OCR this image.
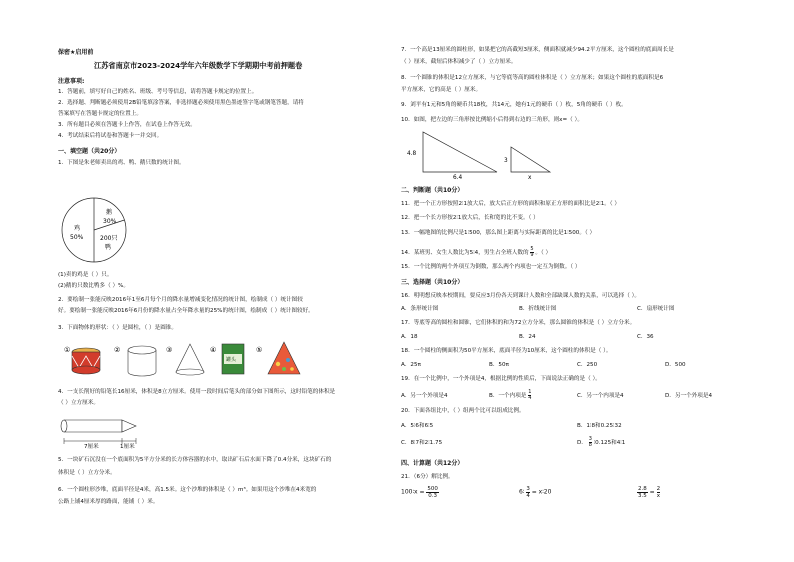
保密★启用前
江苏省南京市2023-2024学年六年级数学下学期期中考前押题卷
注意事项:
1．答题前，填写好自己的姓名、班级、考号等信息，请将答题卡规定的位置上。
2．选择题、判断题必须使用2B铅笔填涂答案，非选择题必须使用黑色墨迹签字笔或钢笔答题，请将
答案填写在答题卡规定的位置上。
3．所有题目必须在答题卡上作答，在试卷上作答无效。
4．考试结束后将试卷和答题卡一并交回。
一、填空题（共20分）
1．下图是朱老师卖出的鸡、鸭、鹅只数的统计图。
鹅
30%
鸡
50%	200只
鸭
(1)卖的鸡是（ ）只。
(2)鹅的只数比鸭多（ ）%。
2．要绘制一张能反映2016年1至6月每个月的降水量增减变化情况的统计图，绘制成（ ）统计图较
好。要绘制一张能反映2016年6月份的降水量占全年降水量的25%的统计图，绘制成（ ）统计图较好。
3．下面物体的形状：（ ）是圆柱，（ ）是圆锥。
①	②	③	④
罐头
⑤
4．一支长削好的铅笔长16厘米，体积是8立方厘米。使用一段时间后笔头的部分如下图所示，这时铅笔的体积是
（ ）立方厘米。
7厘米	1厘米
5．一块矿石沉没在一个底面积为5平方分米的长方体容器的水中，取出矿石后水面下降了0.4分米，这块矿石的
体积是（ ）立方分米。
6．一个圆柱形沙堆，底面半径是4米，高1.5米。这个沙堆的体积是（ ）m³。如果用这个沙堆在4米宽的
公路上铺4厘米厚的路面，能铺（ ）米。
7．一个高是13厘米的圆柱形，如果把它的高截短3厘米，侧面积就减少94.2平方厘米，这个圆柱的底面周长是
（ ）厘米，截短后体积减少了（ ）立方厘米。
8．一个圆锥的体积是12立方厘米，与它等底等高的圆柱体积是（ ）立方厘米；如果这个圆柱的底面积是6
平方厘米，它的高是（ ）厘米。
9．刘平有1元和5角的硬币共18枚，共14元，她有1元的硬币（ ）枚，5角的硬币（ ）枚。
10．如图，把左边的三角形按比例缩小后得到右边的三角形，则x=（ ）。
4.8
6.4
3
x
二、判断题（共10分）
11．把一个正方形按照2∶1放大后，放大后正方形的面积和原正方形的面积比是2∶1。（ ）
12．把一个长方形按2∶1放大后，长和宽的比不变。（ ）
13．一幅地图的比例尺是1∶500，那么图上距离与实际距离的比是1∶500。（ ）
14．某班男、女生人数比为5∶4，男生占全班人数的 $\frac{5}{9}$ 。（ ）
15．一个比例的两个外项互为倒数，那么两个内项也一定互为倒数。（ ）
三、选择题（共10分）
16．明明想反映本校期间，要反应3月份各天到课计人数和全部缺课人数的关系，可以选择（ ）。
A．条形统计图	B．折线统计图	C．扇形统计图
17．等底等高的圆柱和圆锥，它们体积的和为72立方分米，那么圆锥的体积是（ ）立方分米。
A．18	B．24	C．36
18．一个圆柱的侧面积为50平方厘米，底面半径为10厘米，这个圆柱的体积是（ ）。
A．25π	B．50π	C．250	D．500
19．在一个比例中，一个外项是4，根据比例的性质后，下面说法正确的是（ ）。
A．另一个外项是4	B．一个内项是 $\frac{1}{4}$	C．另一个内项是4	D．另一个外项是4
20．下面各组比中，（ ）组两个比可以组成比例。
A．5∶6和6∶5	B．1∶8和0.25∶32
C．8∶7和2∶1.75	D． $\frac{3}{8}$ ∶0.125和4∶1
四、计算题（共12分）
21．（6分）解比例。
100∶x = $\frac{500}{0.3}$	6∶ $\frac{3}{4}$ = x∶20	$\frac{2.8}{3.5} = \frac{2}{x}$
